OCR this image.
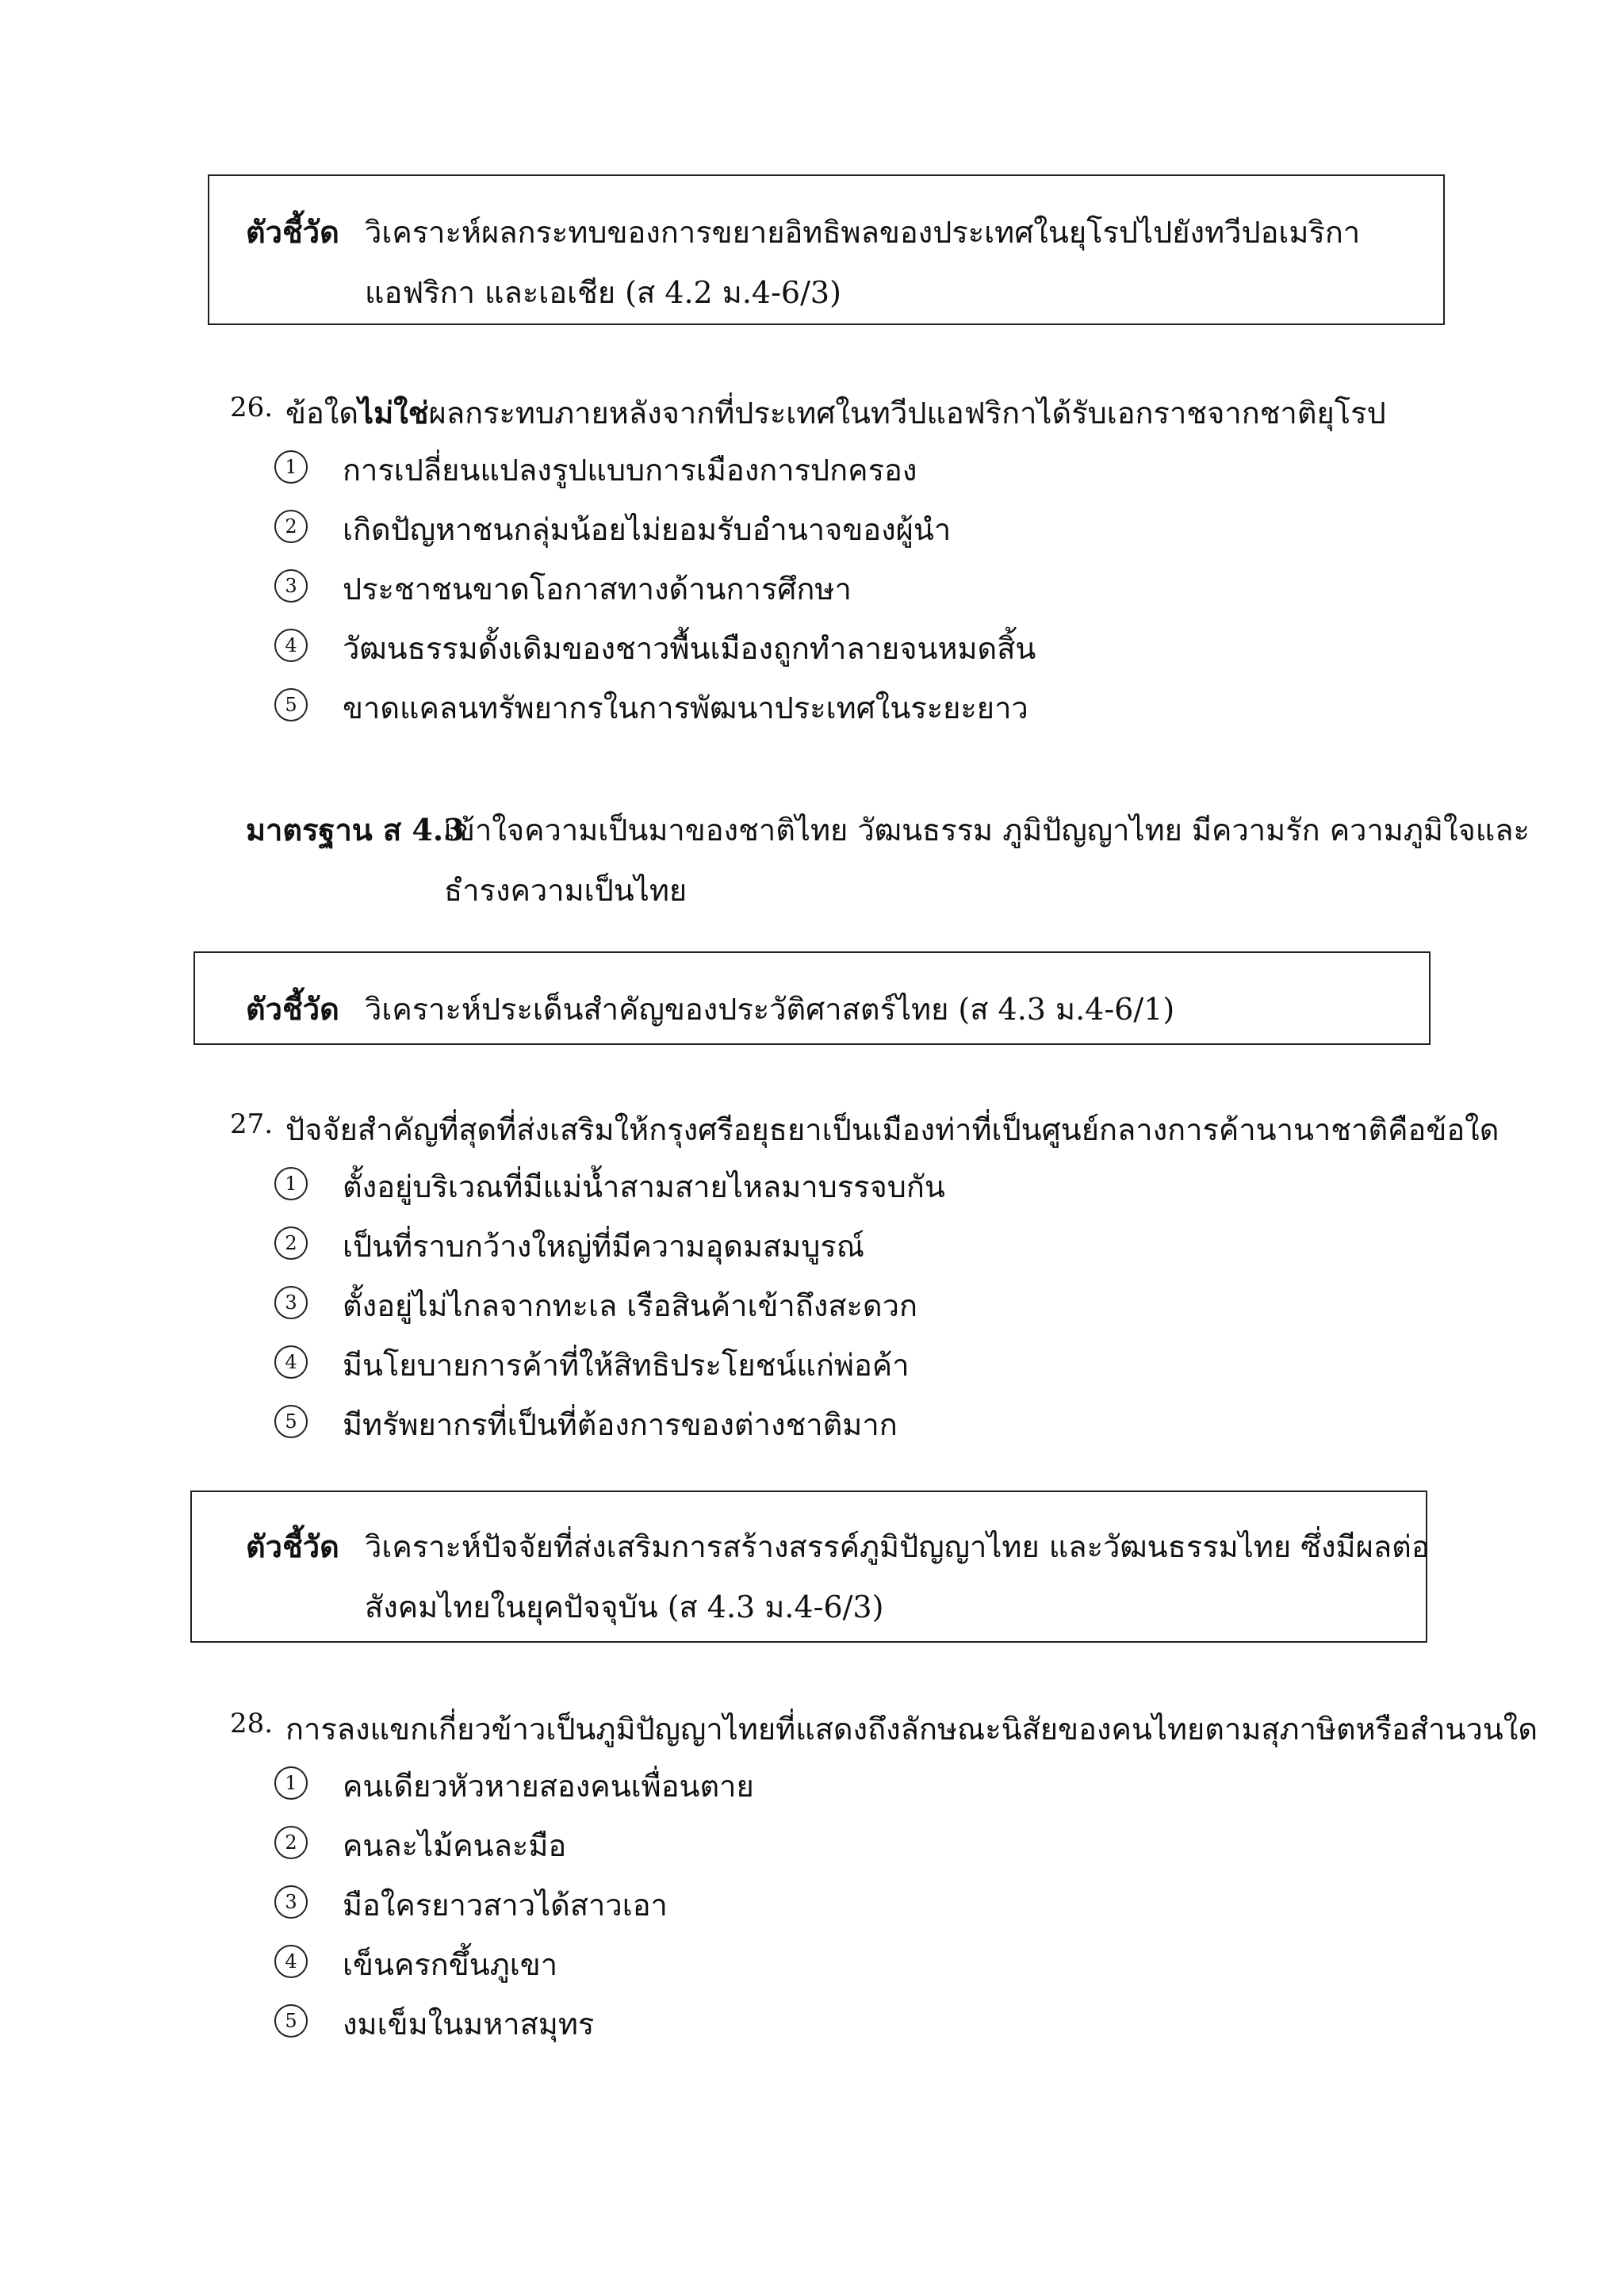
ตัวชี้วัด วิเคราะห์ผลกระทบของการขยายอิทธิพลของประเทศในยุโรปไปยังทวีปอเมริกา
แอฟริกา และเอเชีย (ส 4.2 ม.4-6/3)
26. ข้อใดไม่ใช่ผลกระทบภายหลังจากที่ประเทศในทวีปแอฟริกาได้รับเอกราชจากชาติยุโรป
1	การเปลี่ยนแปลงรูปแบบการเมืองการปกครอง
2	เกิดปัญหาชนกลุ่มน้อยไม่ยอมรับอำนาจของผู้นำ
3	ประชาชนขาดโอกาสทางด้านการศึกษา
4	วัฒนธรรมดั้งเดิมของชาวพื้นเมืองถูกทำลายจนหมดสิ้น
5	ขาดแคลนทรัพยากรในการพัฒนาประเทศในระยะยาว
มาตรฐาน ส 4.3
เข้าใจความเป็นมาของชาติไทย วัฒนธรรม ภูมิปัญญาไทย มีความรัก ความภูมิใจและ
ธำรงความเป็นไทย
ตัวชี้วัด วิเคราะห์ประเด็นสำคัญของประวัติศาสตร์ไทย (ส 4.3 ม.4-6/1)
27. ปัจจัยสำคัญที่สุดที่ส่งเสริมให้กรุงศรีอยุธยาเป็นเมืองท่าที่เป็นศูนย์กลางการค้านานาชาติคือข้อใด
1	ตั้งอยู่บริเวณที่มีแม่น้ำสามสายไหลมาบรรจบกัน
2	เป็นที่ราบกว้างใหญ่ที่มีความอุดมสมบูรณ์
3	ตั้งอยู่ไม่ไกลจากทะเล เรือสินค้าเข้าถึงสะดวก
4	มีนโยบายการค้าที่ให้สิทธิประโยชน์แก่พ่อค้า
5	มีทรัพยากรที่เป็นที่ต้องการของต่างชาติมาก
ตัวชี้วัด วิเคราะห์ปัจจัยที่ส่งเสริมการสร้างสรรค์ภูมิปัญญาไทย และวัฒนธรรมไทย ซึ่งมีผลต่อ
สังคมไทยในยุคปัจจุบัน (ส 4.3 ม.4-6/3)
28. การลงแขกเกี่ยวข้าวเป็นภูมิปัญญาไทยที่แสดงถึงลักษณะนิสัยของคนไทยตามสุภาษิตหรือสำนวนใด
1	คนเดียวหัวหายสองคนเพื่อนตาย
2	คนละไม้คนละมือ
3	มือใครยาวสาวได้สาวเอา
4	เข็นครกขึ้นภูเขา
5	งมเข็มในมหาสมุทร
